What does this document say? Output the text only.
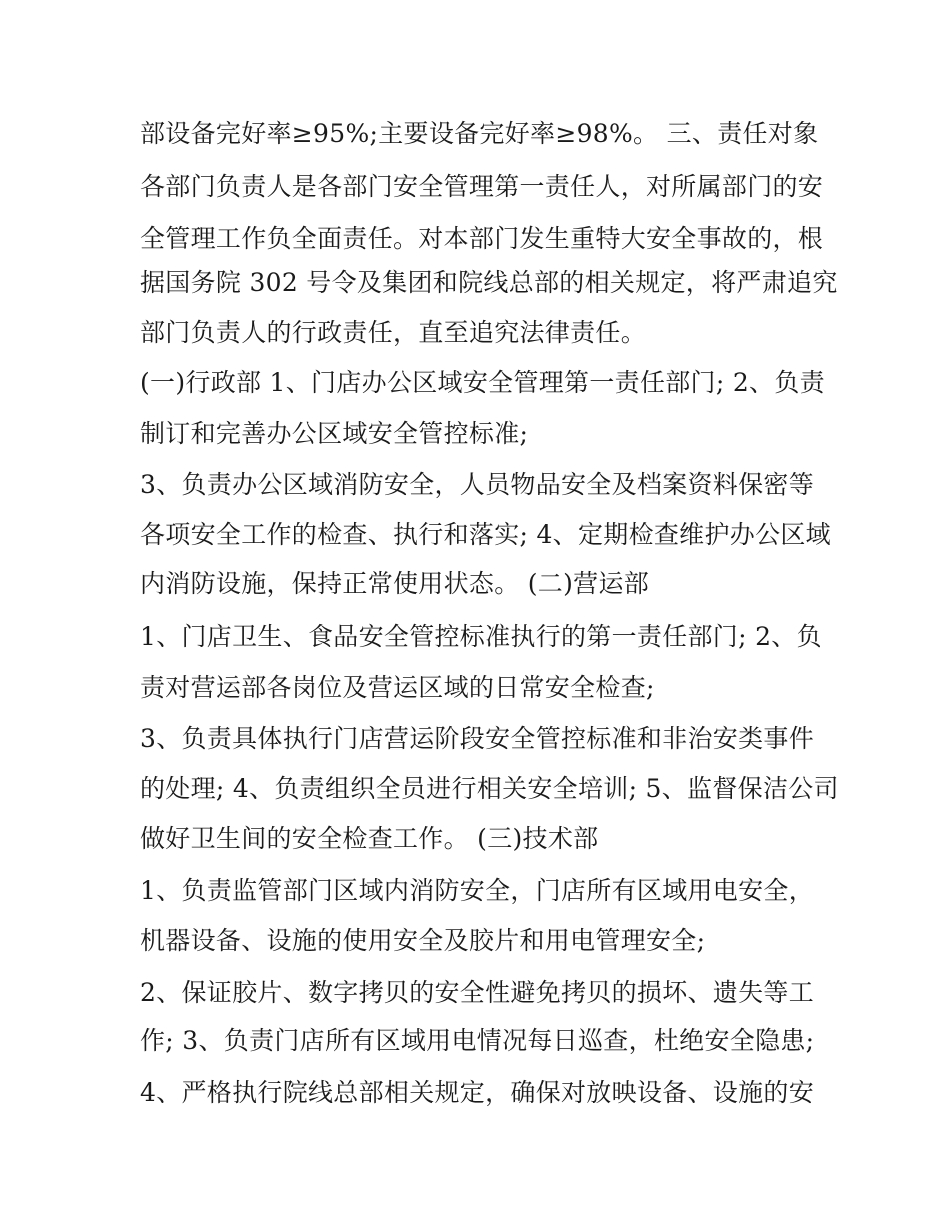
部设备完好率≥95%;主要设备完好率≥98%。 三、责任对象
各部门负责人是各部门安全管理第一责任人，对所属部门的安
全管理工作负全面责任。对本部门发生重特大安全事故的，根
据国务院 302 号令及集团和院线总部的相关规定，将严肃追究
部门负责人的行政责任，直至追究法律责任。
(一)行政部 1、门店办公区域安全管理第一责任部门; 2、负责
制订和完善办公区域安全管控标准;
3、负责办公区域消防安全，人员物品安全及档案资料保密等
各项安全工作的检查、执行和落实; 4、定期检查维护办公区域
内消防设施，保持正常使用状态。 (二)营运部
1、门店卫生、食品安全管控标准执行的第一责任部门; 2、负
责对营运部各岗位及营运区域的日常安全检查;
3、负责具体执行门店营运阶段安全管控标准和非治安类事件
的处理; 4、负责组织全员进行相关安全培训; 5、监督保洁公司
做好卫生间的安全检查工作。 (三)技术部
1、负责监管部门区域内消防安全，门店所有区域用电安全，
机器设备、设施的使用安全及胶片和用电管理安全;
2、保证胶片、数字拷贝的安全性避免拷贝的损坏、遗失等工
作; 3、负责门店所有区域用电情况每日巡查，杜绝安全隐患;
4、严格执行院线总部相关规定，确保对放映设备、设施的安
